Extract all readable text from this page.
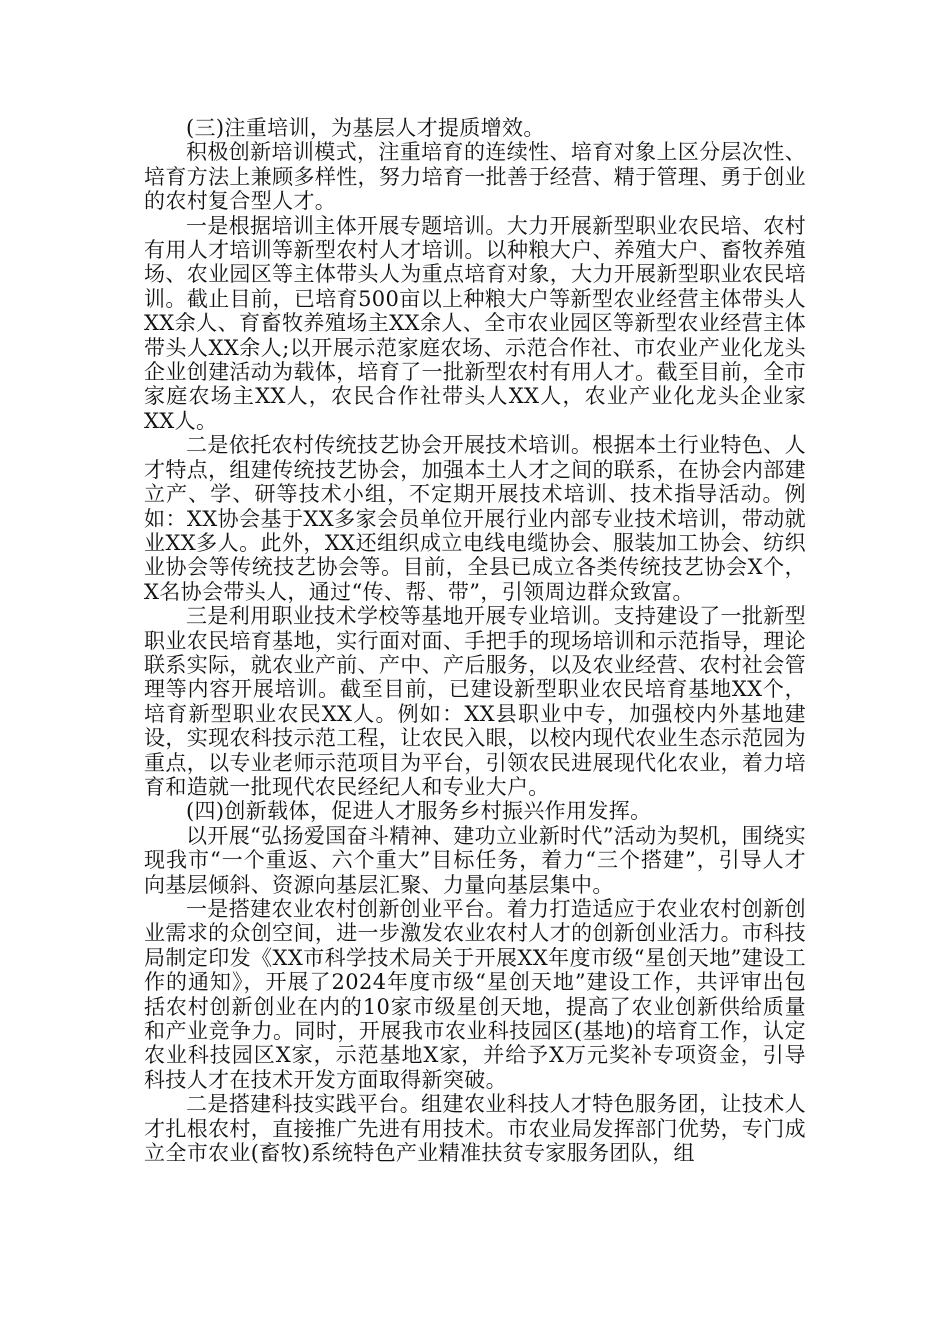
(三)注重培训，为基层人才提质增效。

积极创新培训模式，注重培育的连续性、培育对象上区分层次性、培育方法上兼顾多样性，努力培育一批善于经营、精于管理、勇于创业的农村复合型人才。

一是根据培训主体开展专题培训。大力开展新型职业农民培、农村有用人才培训等新型农村人才培训。以种粮大户、养殖大户、畜牧养殖场、农业园区等主体带头人为重点培育对象，大力开展新型职业农民培训。截止目前，已培育500亩以上种粮大户等新型农业经营主体带头人XX余人、育畜牧养殖场主XX余人、全市农业园区等新型农业经营主体带头人XX余人;以开展示范家庭农场、示范合作社、市农业产业化龙头企业创建活动为载体，培育了一批新型农村有用人才。截至目前，全市家庭农场主XX人，农民合作社带头人XX人，农业产业化龙头企业家XX人。

二是依托农村传统技艺协会开展技术培训。根据本土行业特色、人才特点，组建传统技艺协会，加强本土人才之间的联系，在协会内部建立产、学、研等技术小组，不定期开展技术培训、技术指导活动。例如：XX协会基于XX多家会员单位开展行业内部专业技术培训，带动就业XX多人。此外，XX还组织成立电线电缆协会、服装加工协会、纺织业协会等传统技艺协会等。目前，全县已成立各类传统技艺协会X个，X名协会带头人，通过“传、帮、带”，引领周边群众致富。

三是利用职业技术学校等基地开展专业培训。支持建设了一批新型职业农民培育基地，实行面对面、手把手的现场培训和示范指导，理论联系实际，就农业产前、产中、产后服务，以及农业经营、农村社会管理等内容开展培训。截至目前，已建设新型职业农民培育基地XX个，培育新型职业农民XX人。例如：XX县职业中专，加强校内外基地建设，实现农科技示范工程，让农民入眼，以校内现代农业生态示范园为重点，以专业老师示范项目为平台，引领农民进展现代化农业，着力培育和造就一批现代农民经纪人和专业大户。

(四)创新载体，促进人才服务乡村振兴作用发挥。

以开展“弘扬爱国奋斗精神、建功立业新时代”活动为契机，围绕实现我市“一个重返、六个重大”目标任务，着力“三个搭建”，引导人才向基层倾斜、资源向基层汇聚、力量向基层集中。

一是搭建农业农村创新创业平台。着力打造适应于农业农村创新创业需求的众创空间，进一步激发农业农村人才的创新创业活力。市科技局制定印发《XX市科学技术局关于开展XX年度市级“星创天地”建设工作的通知》，开展了2024年度市级“星创天地”建设工作，共评审出包括农村创新创业在内的10家市级星创天地，提高了农业创新供给质量和产业竞争力。同时，开展我市农业科技园区(基地)的培育工作，认定农业科技园区X家，示范基地X家，并给予X万元奖补专项资金，引导科技人才在技术开发方面取得新突破。

二是搭建科技实践平台。组建农业科技人才特色服务团，让技术人才扎根农村，直接推广先进有用技术。市农业局发挥部门优势，专门成立全市农业(畜牧)系统特色产业精准扶贫专家服务团队，组
